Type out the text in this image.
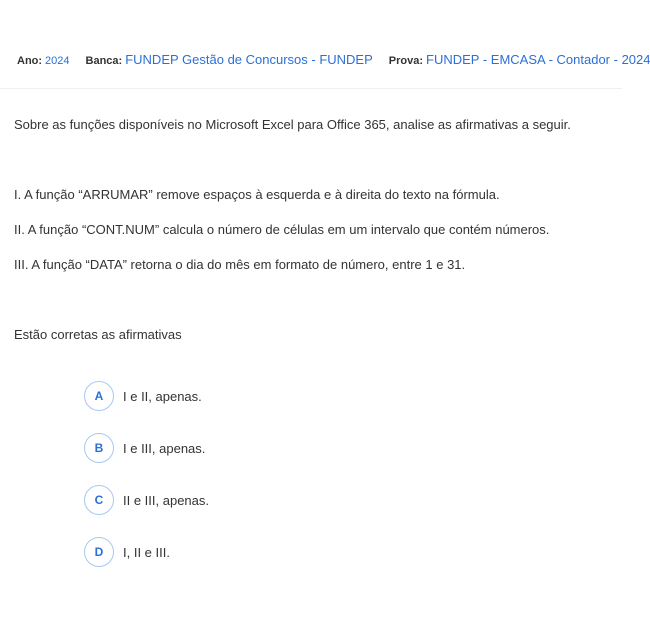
Ano: 2024 Banca: FUNDEP Gestão de Concursos - FUNDEP Prova: FUNDEP - EMCASA - Contador - 2024
Sobre as funções disponíveis no Microsoft Excel para Office 365, analise as afirmativas a seguir.
I. A função “ARRUMAR” remove espaços à esquerda e à direita do texto na fórmula.
II. A função “CONT.NUM” calcula o número de células em um intervalo que contém números.
III. A função “DATA” retorna o dia do mês em formato de número, entre 1 e 31.
Estão corretas as afirmativas
A	I e II, apenas.
B	I e III, apenas.
C	II e III, apenas.
D	I, II e III.
